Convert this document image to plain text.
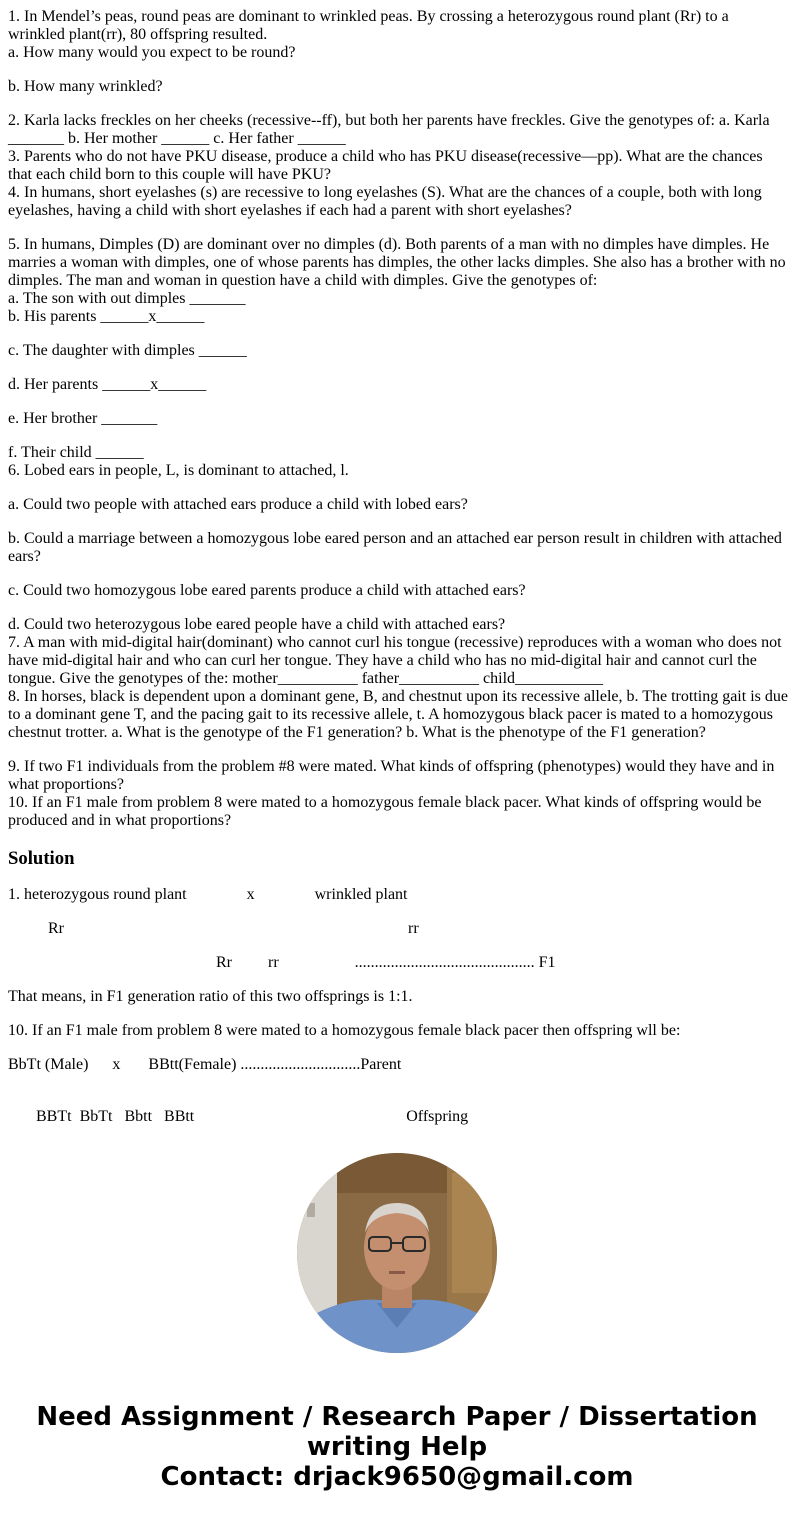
1. In Mendel’s peas, round peas are dominant to wrinkled peas. By crossing a heterozygous round plant (Rr) to a wrinkled plant(rr), 80 offspring resulted.
a. How many would you expect to be round?
b. How many wrinkled?
2. Karla lacks freckles on her cheeks (recessive--ff), but both her parents have freckles. Give the genotypes of: a. Karla _______ b. Her mother ______ c. Her father ______
3. Parents who do not have PKU disease, produce a child who has PKU disease(recessive—pp). What are the chances that each child born to this couple will have PKU?
4. In humans, short eyelashes (s) are recessive to long eyelashes (S). What are the chances of a couple, both with long eyelashes, having a child with short eyelashes if each had a parent with short eyelashes?
5. In humans, Dimples (D) are dominant over no dimples (d). Both parents of a man with no dimples have dimples. He marries a woman with dimples, one of whose parents has dimples, the other lacks dimples. She also has a brother with no dimples. The man and woman in question have a child with dimples. Give the genotypes of:
a. The son with out dimples _______
b. His parents ______x______
c. The daughter with dimples ______
d. Her parents ______x______
e. Her brother _______
f. Their child ______
6. Lobed ears in people, L, is dominant to attached, l.
a. Could two people with attached ears produce a child with lobed ears?
b. Could a marriage between a homozygous lobe eared person and an attached ear person result in children with attached ears?
c. Could two homozygous lobe eared parents produce a child with attached ears?
d. Could two heterozygous lobe eared people have a child with attached ears?
7. A man with mid-digital hair(dominant) who cannot curl his tongue (recessive) reproduces with a woman who does not have mid-digital hair and who can curl her tongue. They have a child who has no mid-digital hair and cannot curl the tongue. Give the genotypes of the: mother__________ father__________ child___________
8. In horses, black is dependent upon a dominant gene, B, and chestnut upon its recessive allele, b. The trotting gait is due to a dominant gene T, and the pacing gait to its recessive allele, t. A homozygous black pacer is mated to a homozygous chestnut trotter. a. What is the genotype of the F1 generation? b. What is the phenotype of the F1 generation?
9. If two F1 individuals from the problem #8 were mated. What kinds of offspring (phenotypes) would they have and in what proportions?
10. If an F1 male from problem 8 were mated to a homozygous female black pacer. What kinds of offspring would be produced and in what proportions?
Solution
1. heterozygous round plant               x               wrinkled plant
Rr                                                                                      rr
Rr         rr                   ............................................. F1
That means, in F1 generation ratio of this two offsprings is 1:1.
10. If an F1 male from problem 8 were mated to a homozygous female black pacer then offspring wll be:
BbTt (Male)      x       BBtt(Female) ..............................Parent

BBTt  BbTt   Bbtt   BBtt                                                     Offspring

Need Assignment / Research Paper / Dissertation
writing Help
Contact: drjack9650@gmail.com
